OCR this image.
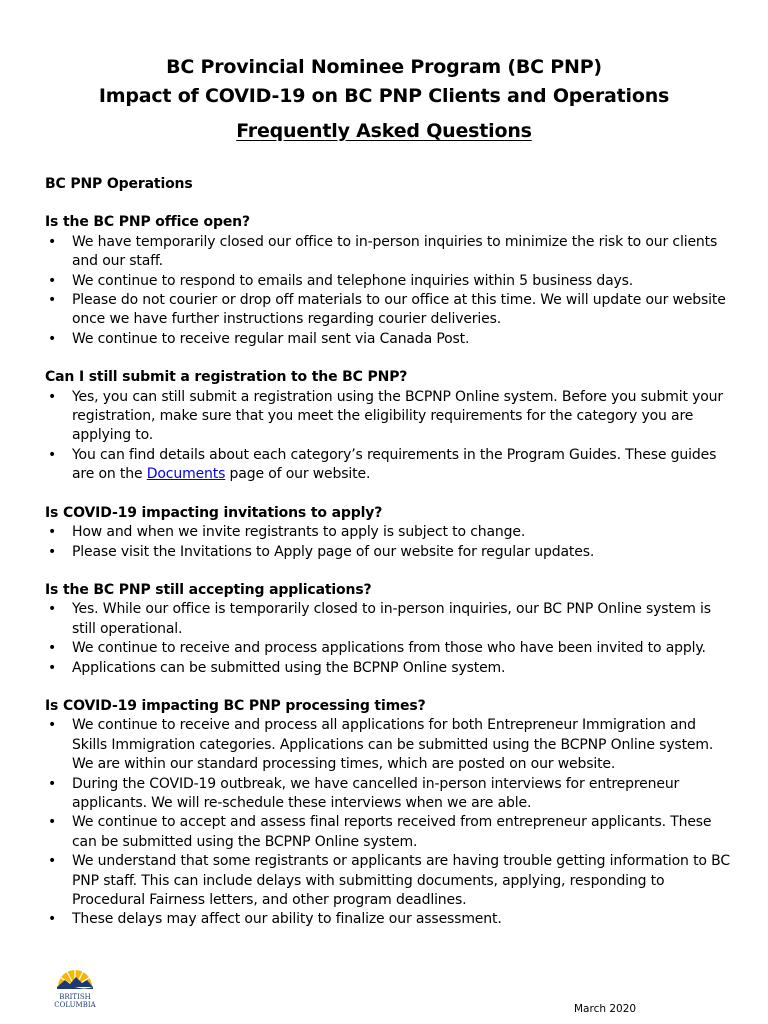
BC Provincial Nominee Program (BC PNP)
Impact of COVID-19 on BC PNP Clients and Operations
Frequently Asked Questions
BC PNP Operations
Is the BC PNP office open?
• We have temporarily closed our office to in-person inquiries to minimize the risk to our clients and our staff.
• We continue to respond to emails and telephone inquiries within 5 business days.
• Please do not courier or drop off materials to our office at this time. We will update our website once we have further instructions regarding courier deliveries.
• We continue to receive regular mail sent via Canada Post.
Can I still submit a registration to the BC PNP?
• Yes, you can still submit a registration using the BCPNP Online system. Before you submit your registration, make sure that you meet the eligibility requirements for the category you are applying to.
• You can find details about each category’s requirements in the Program Guides. These guides are on the Documents page of our website.
Is COVID-19 impacting invitations to apply?
• How and when we invite registrants to apply is subject to change.
• Please visit the Invitations to Apply page of our website for regular updates.
Is the BC PNP still accepting applications?
• Yes. While our office is temporarily closed to in-person inquiries, our BC PNP Online system is still operational.
• We continue to receive and process applications from those who have been invited to apply.
• Applications can be submitted using the BCPNP Online system.
Is COVID-19 impacting BC PNP processing times?
• We continue to receive and process all applications for both Entrepreneur Immigration and Skills Immigration categories. Applications can be submitted using the BCPNP Online system. We are within our standard processing times, which are posted on our website.
• During the COVID-19 outbreak, we have cancelled in-person interviews for entrepreneur applicants. We will re-schedule these interviews when we are able.
• We continue to accept and assess final reports received from entrepreneur applicants. These can be submitted using the BCPNP Online system.
• We understand that some registrants or applicants are having trouble getting information to BC PNP staff. This can include delays with submitting documents, applying, responding to Procedural Fairness letters, and other program deadlines.
• These delays may affect our ability to finalize our assessment.
BRITISH
COLUMBIA	March 2020
